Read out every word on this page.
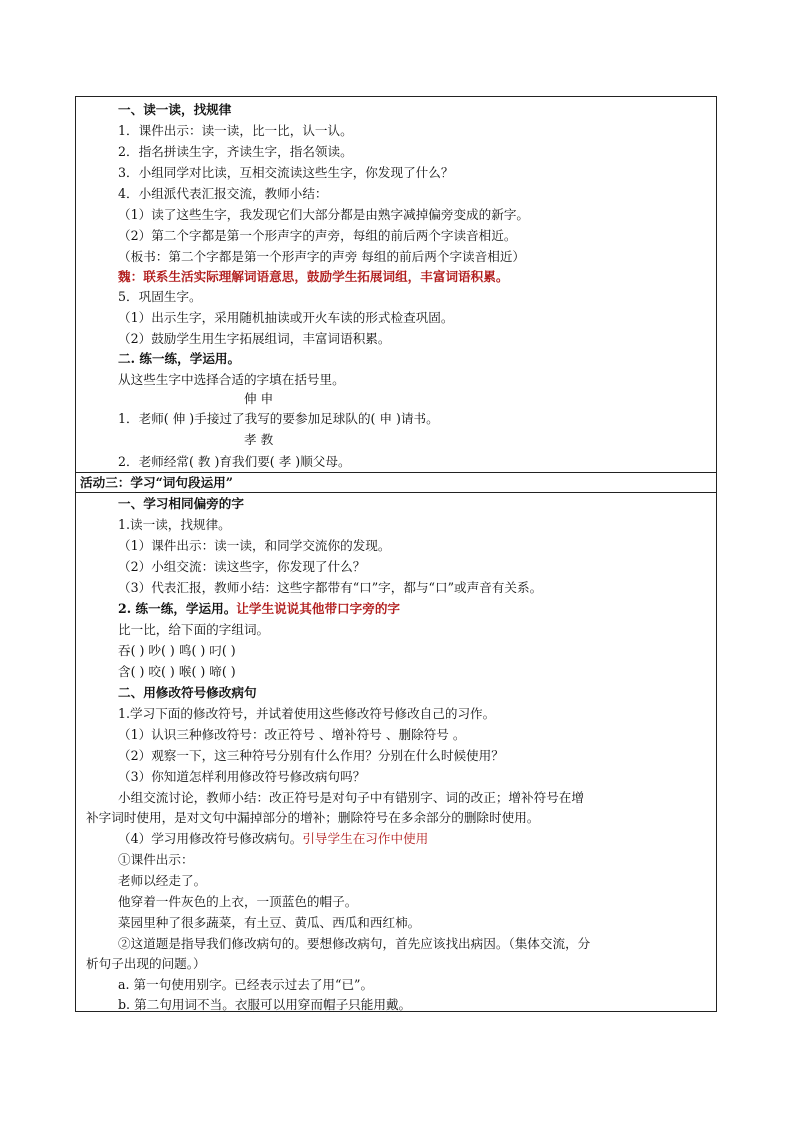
一、读一读，找规律
1．课件出示：读一读，比一比，认一认。
2．指名拼读生字，齐读生字，指名领读。
3．小组同学对比读，互相交流读这些生字，你发现了什么？
4．小组派代表汇报交流，教师小结：
（1）读了这些生字，我发现它们大部分都是由熟字减掉偏旁变成的新字。
（2）第二个字都是第一个形声字的声旁，每组的前后两个字读音相近。
（板书：第二个字都是第一个形声字的声旁 每组的前后两个字读音相近）
魏：联系生活实际理解词语意思，鼓励学生拓展词组，丰富词语积累。
5．巩固生字。
（1）出示生字，采用随机抽读或开火车读的形式检查巩固。
（2）鼓励学生用生字拓展组词，丰富词语积累。
二. 练一练，学运用。
从这些生字中选择合适的字填在括号里。
伸 申
1．老师( 伸 )手接过了我写的要参加足球队的( 申 )请书。
孝 教
2．老师经常( 教 )育我们要( 孝 )顺父母。
活动三：学习“词句段运用”
一、学习相同偏旁的字
1.读一读，找规律。
（1）课件出示：读一读，和同学交流你的发现。
（2）小组交流：读这些字，你发现了什么？
（3）代表汇报，教师小结：这些字都带有“口”字，都与“口”或声音有关系。
2. 练一练，学运用。让学生说说其他带口字旁的字
比一比，给下面的字组词。
吞( ) 吵( ) 鸣( ) 叼( )
含( ) 咬( ) 喉( ) 啼( )
二、用修改符号修改病句
1.学习下面的修改符号，并试着使用这些修改符号修改自己的习作。
（1）认识三种修改符号：改正符号 、增补符号 、删除符号 。
（2）观察一下，这三种符号分别有什么作用？分别在什么时候使用？
（3）你知道怎样利用修改符号修改病句吗？
小组交流讨论，教师小结：改正符号是对句子中有错别字、词的改正；增补符号在增
补字词时使用，是对文句中漏掉部分的增补；删除符号在多余部分的删除时使用。
（4）学习用修改符号修改病句。引导学生在习作中使用
①课件出示：
老师以经走了。
他穿着一件灰色的上衣，一顶蓝色的帽子。
菜园里种了很多蔬菜，有土豆、黄瓜、西瓜和西红柿。
②这道题是指导我们修改病句的。要想修改病句，首先应该找出病因。（集体交流，分
析句子出现的问题。）
a. 第一句使用别字。已经表示过去了用“已”。
b. 第二句用词不当。衣服可以用穿而帽子只能用戴。
